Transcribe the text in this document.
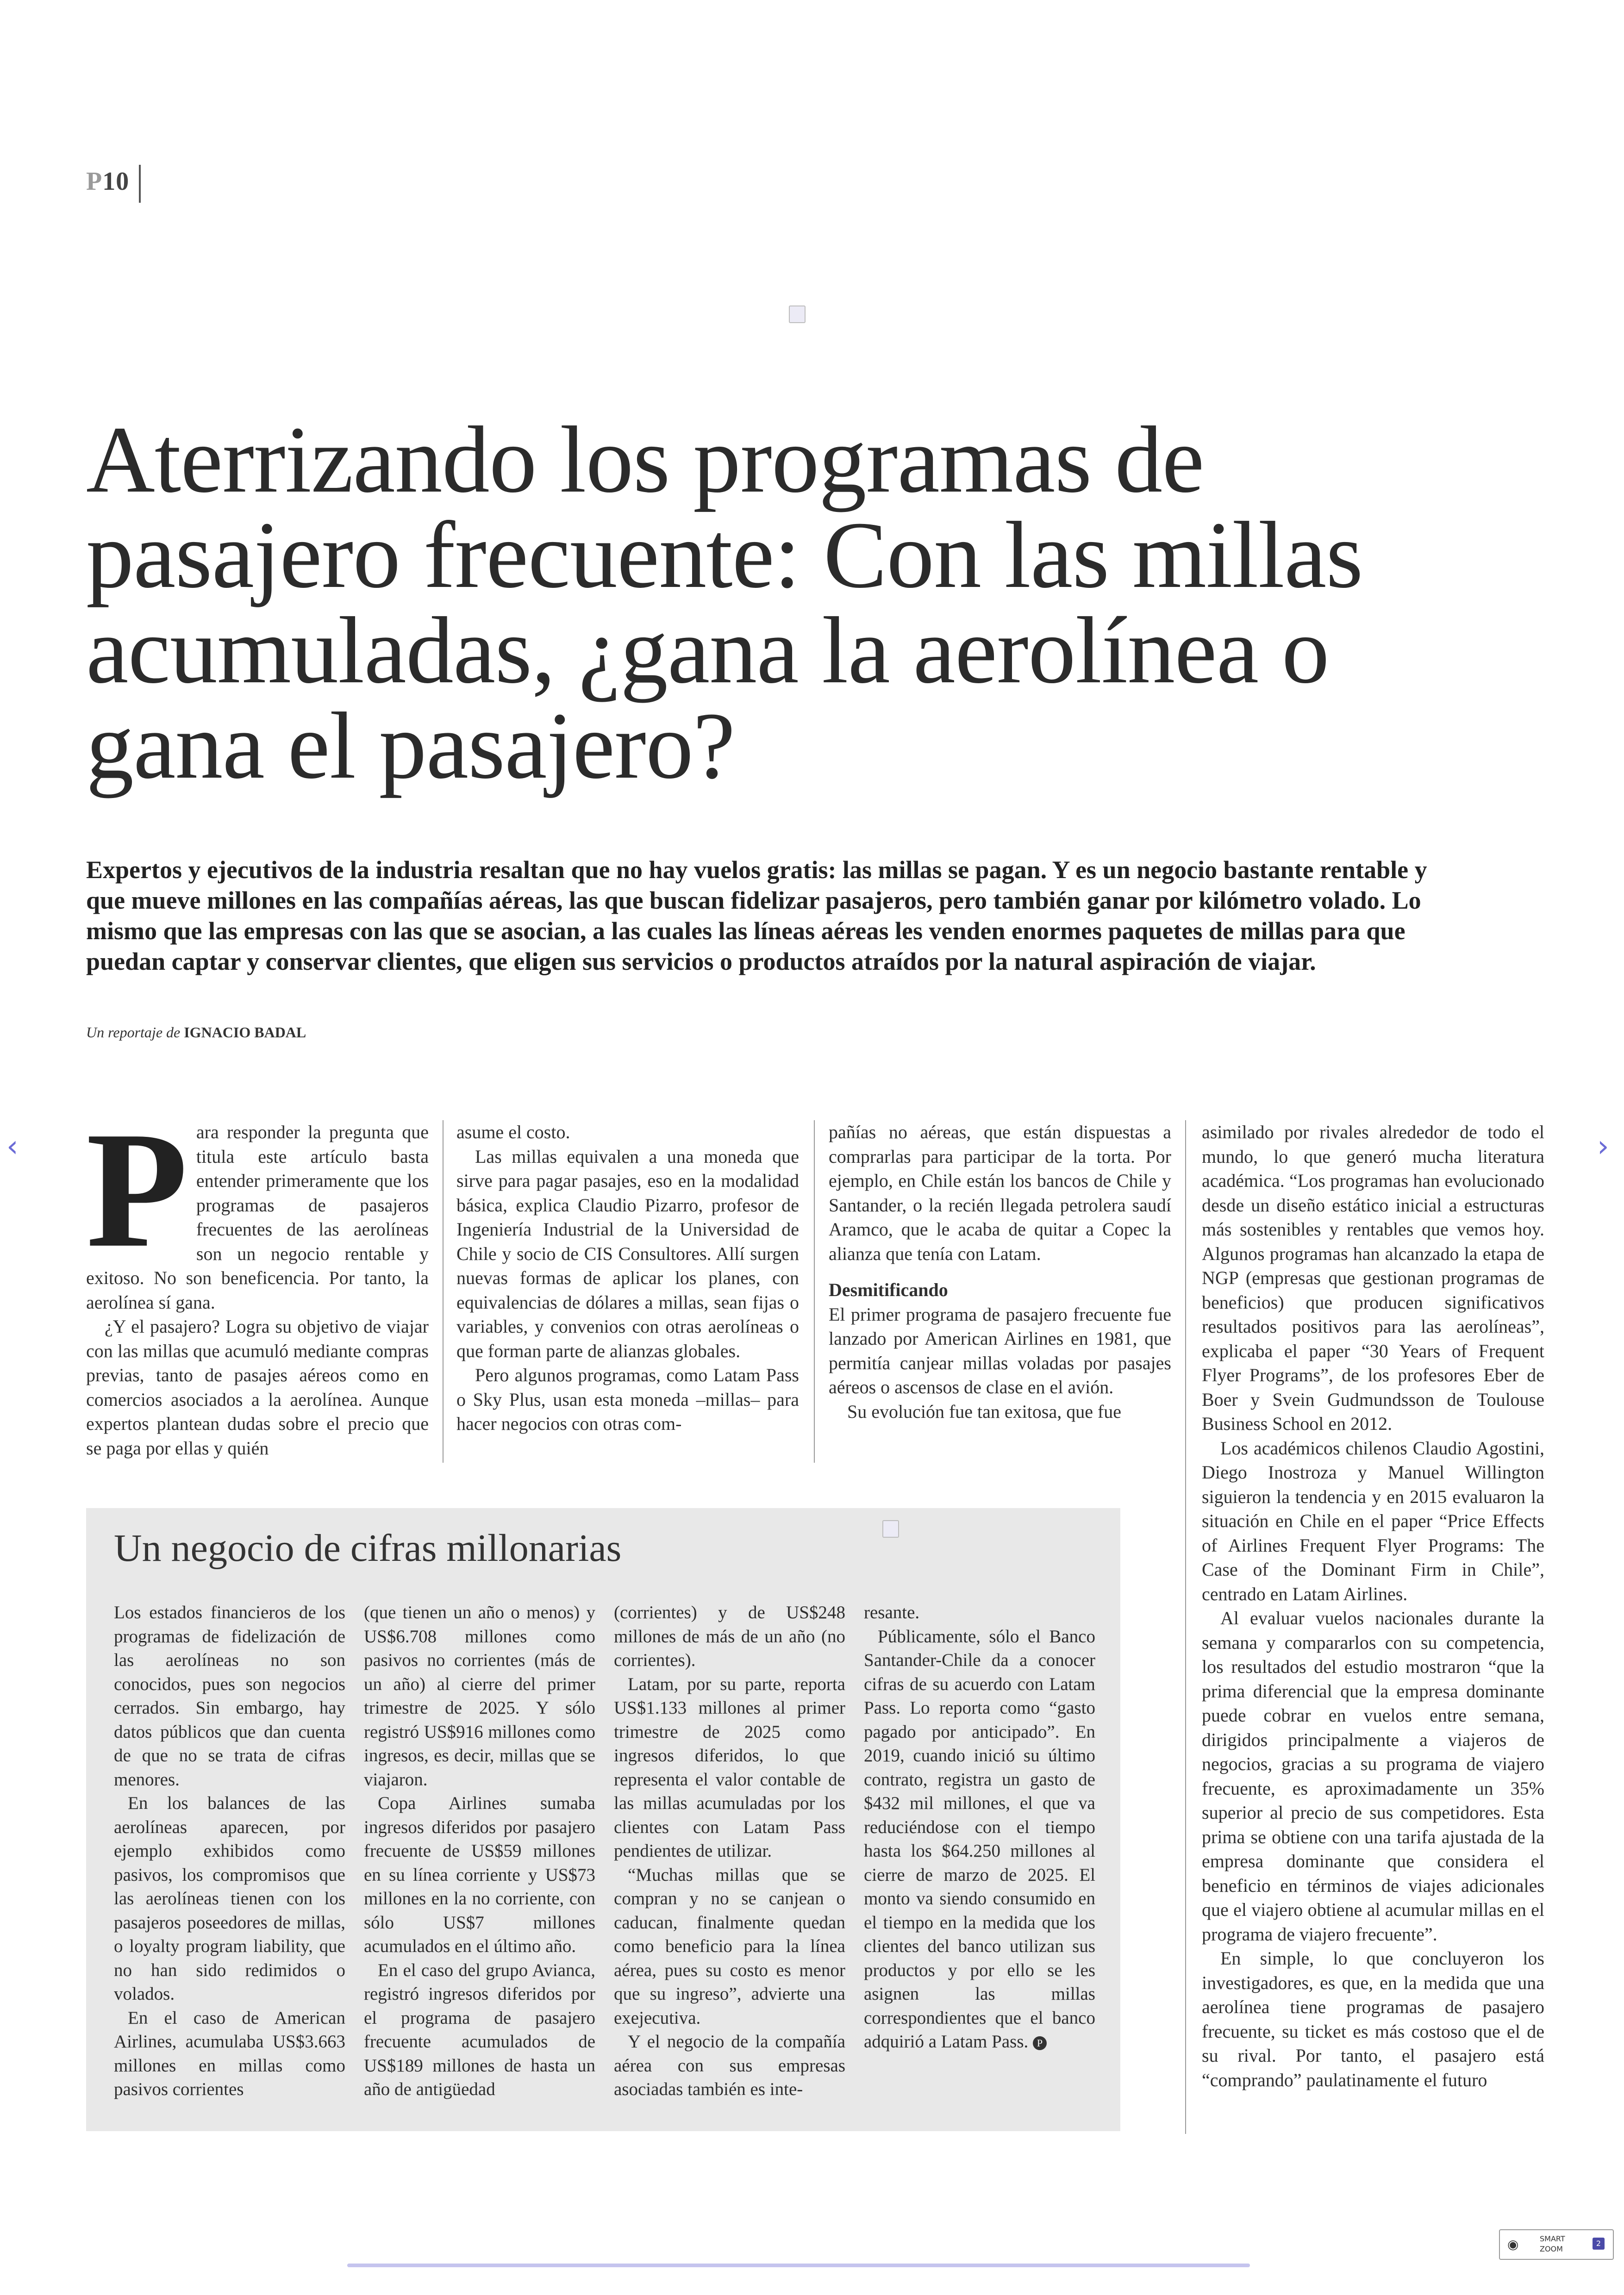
P10
Aterrizando los programas de pasajero frecuente: Con las millas acumuladas, ¿gana la aerolínea o gana el pasajero?

Expertos y ejecutivos de la industria resaltan que no hay vuelos gratis: las millas se pagan. Y es un negocio bastante rentable y que mueve millones en las compañías aéreas, las que buscan fidelizar pasajeros, pero también ganar por kilómetro volado. Lo mismo que las empresas con las que se asocian, a las cuales las líneas aéreas les venden enormes paquetes de millas para que puedan captar y conservar clientes, que eligen sus servicios o productos atraídos por la natural aspiración de viajar.

Un reportaje de IGNACIO BADAL
P ara responder la pregunta que titula este artículo basta entender primeramente que los programas de pasajeros frecuentes de las aerolíneas son un negocio rentable y exitoso. No son beneficencia. Por tanto, la aerolínea sí gana.

¿Y el pasajero? Logra su objetivo de viajar con las millas que acumuló mediante compras previas, tanto de pasajes aéreos como en comercios asociados a la aerolínea. Aunque expertos plantean dudas sobre el precio que se paga por ellas y quién

asume el costo.

Las millas equivalen a una moneda que sirve para pagar pasajes, eso en la modalidad básica, explica Claudio Pizarro, profesor de Ingeniería Industrial de la Universidad de Chile y socio de CIS Consultores. Allí surgen nuevas formas de aplicar los planes, con equivalencias de dólares a millas, sean fijas o variables, y convenios con otras aerolíneas o que forman parte de alianzas globales.

Pero algunos programas, como Latam Pass o Sky Plus, usan esta moneda –millas– para hacer negocios con otras com-

pañías no aéreas, que están dispuestas a comprarlas para participar de la torta. Por ejemplo, en Chile están los bancos de Chile y Santander, o la recién llegada petrolera saudí Aramco, que le acaba de quitar a Copec la alianza que tenía con Latam.

Desmitificando

El primer programa de pasajero frecuente fue lanzado por American Airlines en 1981, que permitía canjear millas voladas por pasajes aéreos o ascensos de clase en el avión.

Su evolución fue tan exitosa, que fue

asimilado por rivales alrededor de todo el mundo, lo que generó mucha literatura académica. “Los programas han evolucionado desde un diseño estático inicial a estructuras más sostenibles y rentables que vemos hoy. Algunos programas han alcanzado la etapa de NGP (empresas que gestionan programas de beneficios) que producen significativos resultados positivos para las aerolíneas”, explicaba el paper “30 Years of Frequent Flyer Programs”, de los profesores Eber de Boer y Svein Gudmundsson de Toulouse Business School en 2012.

Los académicos chilenos Claudio Agostini, Diego Inostroza y Manuel Willington siguieron la tendencia y en 2015 evaluaron la situación en Chile en el paper “Price Effects of Airlines Frequent Flyer Programs: The Case of the Dominant Firm in Chile”, centrado en Latam Airlines.

Al evaluar vuelos nacionales durante la semana y compararlos con su competencia, los resultados del estudio mostraron “que la prima diferencial que la empresa dominante puede cobrar en vuelos entre semana, dirigidos principalmente a viajeros de negocios, gracias a su programa de viajero frecuente, es aproximadamente un 35% superior al precio de sus competidores. Esta prima se obtiene con una tarifa ajustada de la empresa dominante que considera el beneficio en términos de viajes adicionales que el viajero obtiene al acumular millas en el programa de viajero frecuente”.

En simple, lo que concluyeron los investigadores, es que, en la medida que una aerolínea tiene programas de pasajero frecuente, su ticket es más costoso que el de su rival. Por tanto, el pasajero está “comprando” paulatinamente el futuro

Un negocio de cifras millonarias

Los estados financieros de los programas de fidelización de las aerolíneas no son conocidos, pues son negocios cerrados. Sin embargo, hay datos públicos que dan cuenta de que no se trata de cifras menores.

En los balances de las aerolíneas aparecen, por ejemplo exhibidos como pasivos, los compromisos que las aerolíneas tienen con los pasajeros poseedores de millas, o loyalty program liability, que no han sido redimidos o volados.

En el caso de American Airlines, acumulaba US$3.663 millones en millas como pasivos corrientes

(que tienen un año o menos) y US$6.708 millones como pasivos no corrientes (más de un año) al cierre del primer trimestre de 2025. Y sólo registró US$916 millones como ingresos, es decir, millas que se viajaron.

Copa Airlines sumaba ingresos diferidos por pasajero frecuente de US$59 millones en su línea corriente y US$73 millones en la no corriente, con sólo US$7 millones acumulados en el último año.

En el caso del grupo Avianca, registró ingresos diferidos por el programa de pasajero frecuente acumulados de US$189 millones de hasta un año de antigüedad

(corrientes) y de US$248 millones de más de un año (no corrientes).

Latam, por su parte, reporta US$1.133 millones al primer trimestre de 2025 como ingresos diferidos, lo que representa el valor contable de las millas acumuladas por los clientes con Latam Pass pendientes de utilizar.

“Muchas millas que se compran y no se canjean o caducan, finalmente quedan como beneficio para la línea aérea, pues su costo es menor que su ingreso”, advierte una exejecutiva.

Y el negocio de la compañía aérea con sus empresas asociadas también es inte-

resante.

Públicamente, sólo el Banco Santander-Chile da a conocer cifras de su acuerdo con Latam Pass. Lo reporta como “gasto pagado por anticipado”. En 2019, cuando inició su último contrato, registra un gasto de $432 mil millones, el que va reduciéndose con el tiempo hasta los $64.250 millones al cierre de marzo de 2025. El monto va siendo consumido en el tiempo en la medida que los clientes del banco utilizan sus productos y por ello se les asignen las millas correspondientes que el banco adquirió a Latam Pass. P

‹	›
◉	SMART
ZOOM
2
